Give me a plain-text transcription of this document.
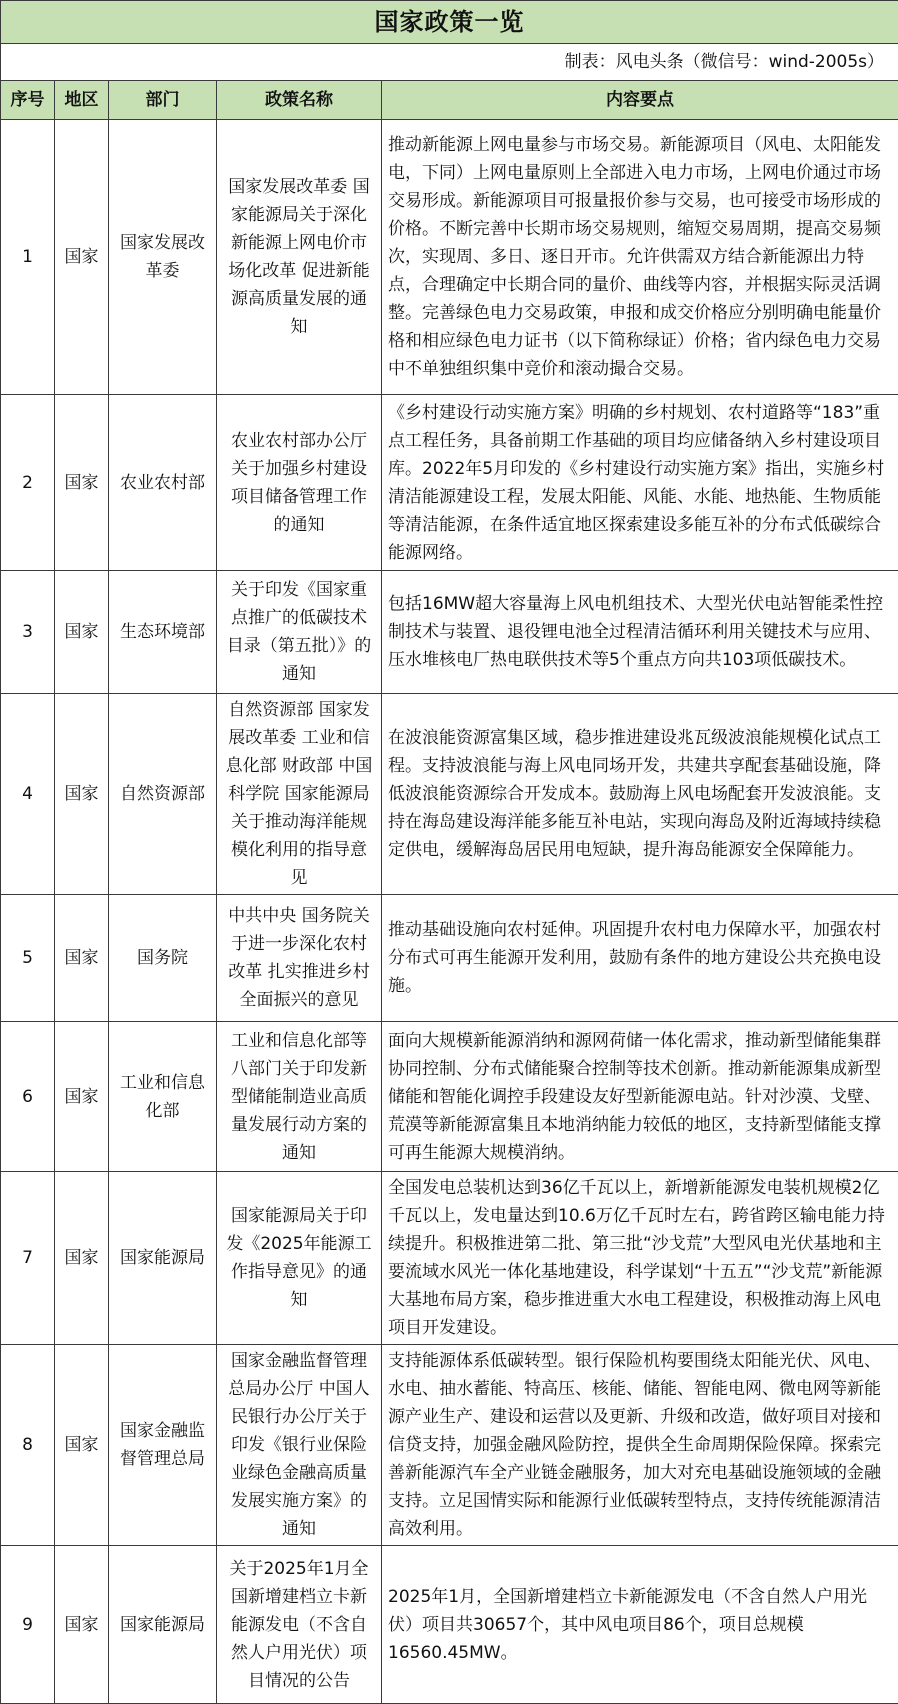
国家政策一览				
制表：风电头条（微信号：wind-2005s）				
序号	地区	部门	政策名称	内容要点
1	国家	国家发展改革委	国家发展改革委 国家能源局关于深化新能源上网电价市场化改革 促进新能源高质量发展的通知	推动新能源上网电量参与市场交易。新能源项目（风电、太阳能发电，下同）上网电量原则上全部进入电力市场，上网电价通过市场交易形成。新能源项目可报量报价参与交易，也可接受市场形成的价格。不断完善中长期市场交易规则，缩短交易周期，提高交易频次，实现周、多日、逐日开市。允许供需双方结合新能源出力特点，合理确定中长期合同的量价、曲线等内容，并根据实际灵活调整。完善绿色电力交易政策，申报和成交价格应分别明确电能量价格和相应绿色电力证书（以下简称绿证）价格；省内绿色电力交易中不单独组织集中竞价和滚动撮合交易。
2	国家	农业农村部	农业农村部办公厅关于加强乡村建设项目储备管理工作的通知	《乡村建设行动实施方案》明确的乡村规划、农村道路等“183”重点工程任务，具备前期工作基础的项目均应储备纳入乡村建设项目库。2022年5月印发的《乡村建设行动实施方案》指出，实施乡村清洁能源建设工程，发展太阳能、风能、水能、地热能、生物质能等清洁能源，在条件适宜地区探索建设多能互补的分布式低碳综合能源网络。
3	国家	生态环境部	关于印发《国家重点推广的低碳技术目录（第五批）》的通知	包括16MW超大容量海上风电机组技术、大型光伏电站智能柔性控制技术与装置、退役锂电池全过程清洁循环利用关键技术与应用、压水堆核电厂热电联供技术等5个重点方向共103项低碳技术。
4	国家	自然资源部	自然资源部 国家发展改革委 工业和信息化部 财政部 中国科学院 国家能源局关于推动海洋能规模化利用的指导意见	在波浪能资源富集区域，稳步推进建设兆瓦级波浪能规模化试点工程。支持波浪能与海上风电同场开发，共建共享配套基础设施，降低波浪能资源综合开发成本。鼓励海上风电场配套开发波浪能。支持在海岛建设海洋能多能互补电站，实现向海岛及附近海域持续稳定供电，缓解海岛居民用电短缺，提升海岛能源安全保障能力。
5	国家	国务院	中共中央 国务院关于进一步深化农村改革 扎实推进乡村全面振兴的意见	推动基础设施向农村延伸。巩固提升农村电力保障水平，加强农村分布式可再生能源开发利用，鼓励有条件的地方建设公共充换电设施。
6	国家	工业和信息化部	工业和信息化部等八部门关于印发新型储能制造业高质量发展行动方案的通知	面向大规模新能源消纳和源网荷储一体化需求，推动新型储能集群协同控制、分布式储能聚合控制等技术创新。推动新能源集成新型储能和智能化调控手段建设友好型新能源电站。针对沙漠、戈壁、荒漠等新能源富集且本地消纳能力较低的地区，支持新型储能支撑可再生能源大规模消纳。
7	国家	国家能源局	国家能源局关于印发《2025年能源工作指导意见》的通知	全国发电总装机达到36亿千瓦以上，新增新能源发电装机规模2亿千瓦以上，发电量达到10.6万亿千瓦时左右，跨省跨区输电能力持续提升。积极推进第二批、第三批“沙戈荒”大型风电光伏基地和主要流域水风光一体化基地建设，科学谋划“十五五”“沙戈荒”新能源大基地布局方案，稳步推进重大水电工程建设，积极推动海上风电项目开发建设。
8	国家	国家金融监督管理总局	国家金融监督管理总局办公厅 中国人民银行办公厅关于印发《银行业保险业绿色金融高质量发展实施方案》的通知	支持能源体系低碳转型。银行保险机构要围绕太阳能光伏、风电、水电、抽水蓄能、特高压、核能、储能、智能电网、微电网等新能源产业生产、建设和运营以及更新、升级和改造，做好项目对接和信贷支持，加强金融风险防控，提供全生命周期保险保障。探索完善新能源汽车全产业链金融服务，加大对充电基础设施领域的金融支持。立足国情实际和能源行业低碳转型特点，支持传统能源清洁高效利用。
9	国家	国家能源局	关于2025年1月全国新增建档立卡新能源发电（不含自然人户用光伏）项目情况的公告	2025年1月，全国新增建档立卡新能源发电（不含自然人户用光伏）项目共30657个，其中风电项目86个，项目总规模16560.45MW。
